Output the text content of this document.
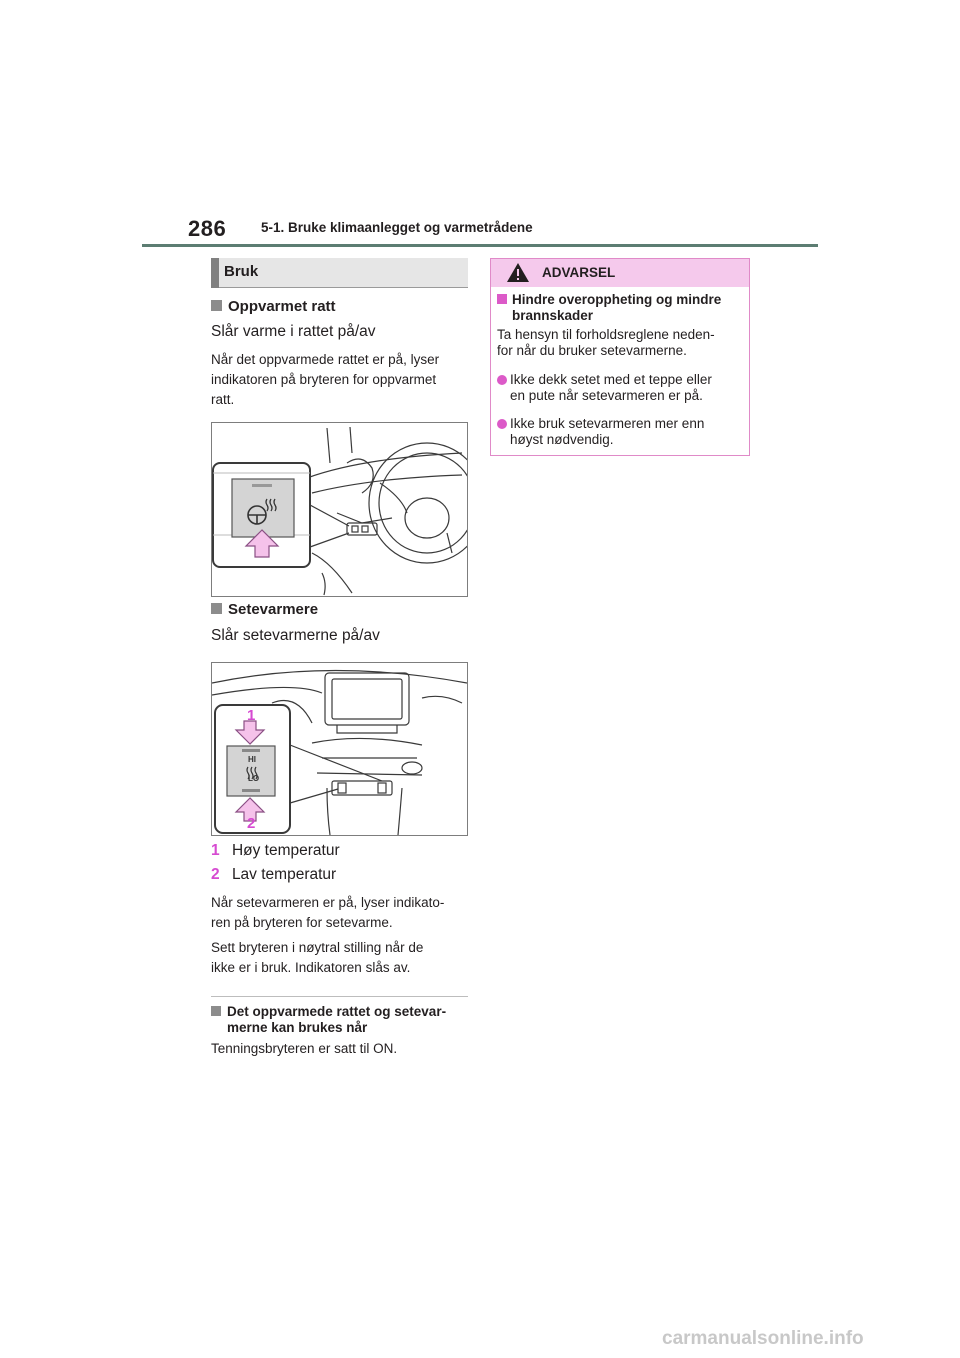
286	5-1. Bruke klimaanlegget og varmetrådene
Bruk
Oppvarmet ratt
Slår varme i rattet på/av
Når det oppvarmede rattet er på, lyser
indikatoren på bryteren for oppvarmet
ratt.
Setevarmere
Slår setevarmerne på/av
1
2
HI
LO
1 Høy temperatur
2 Lav temperatur
Når setevarmeren er på, lyser indikato-
ren på bryteren for setevarme.
Sett bryteren i nøytral stilling når de
ikke er i bruk. Indikatoren slås av.
Det oppvarmede rattet og setevar-
merne kan brukes når
Tenningsbryteren er satt til ON.
ADVARSEL
Hindre overoppheting og mindre
brannskader
Ta hensyn til forholdsreglene neden-
for når du bruker setevarmerne.
Ikke dekk setet med et teppe eller
en pute når setevarmeren er på.
Ikke bruk setevarmeren mer enn
høyst nødvendig.
carmanualsonline.info
